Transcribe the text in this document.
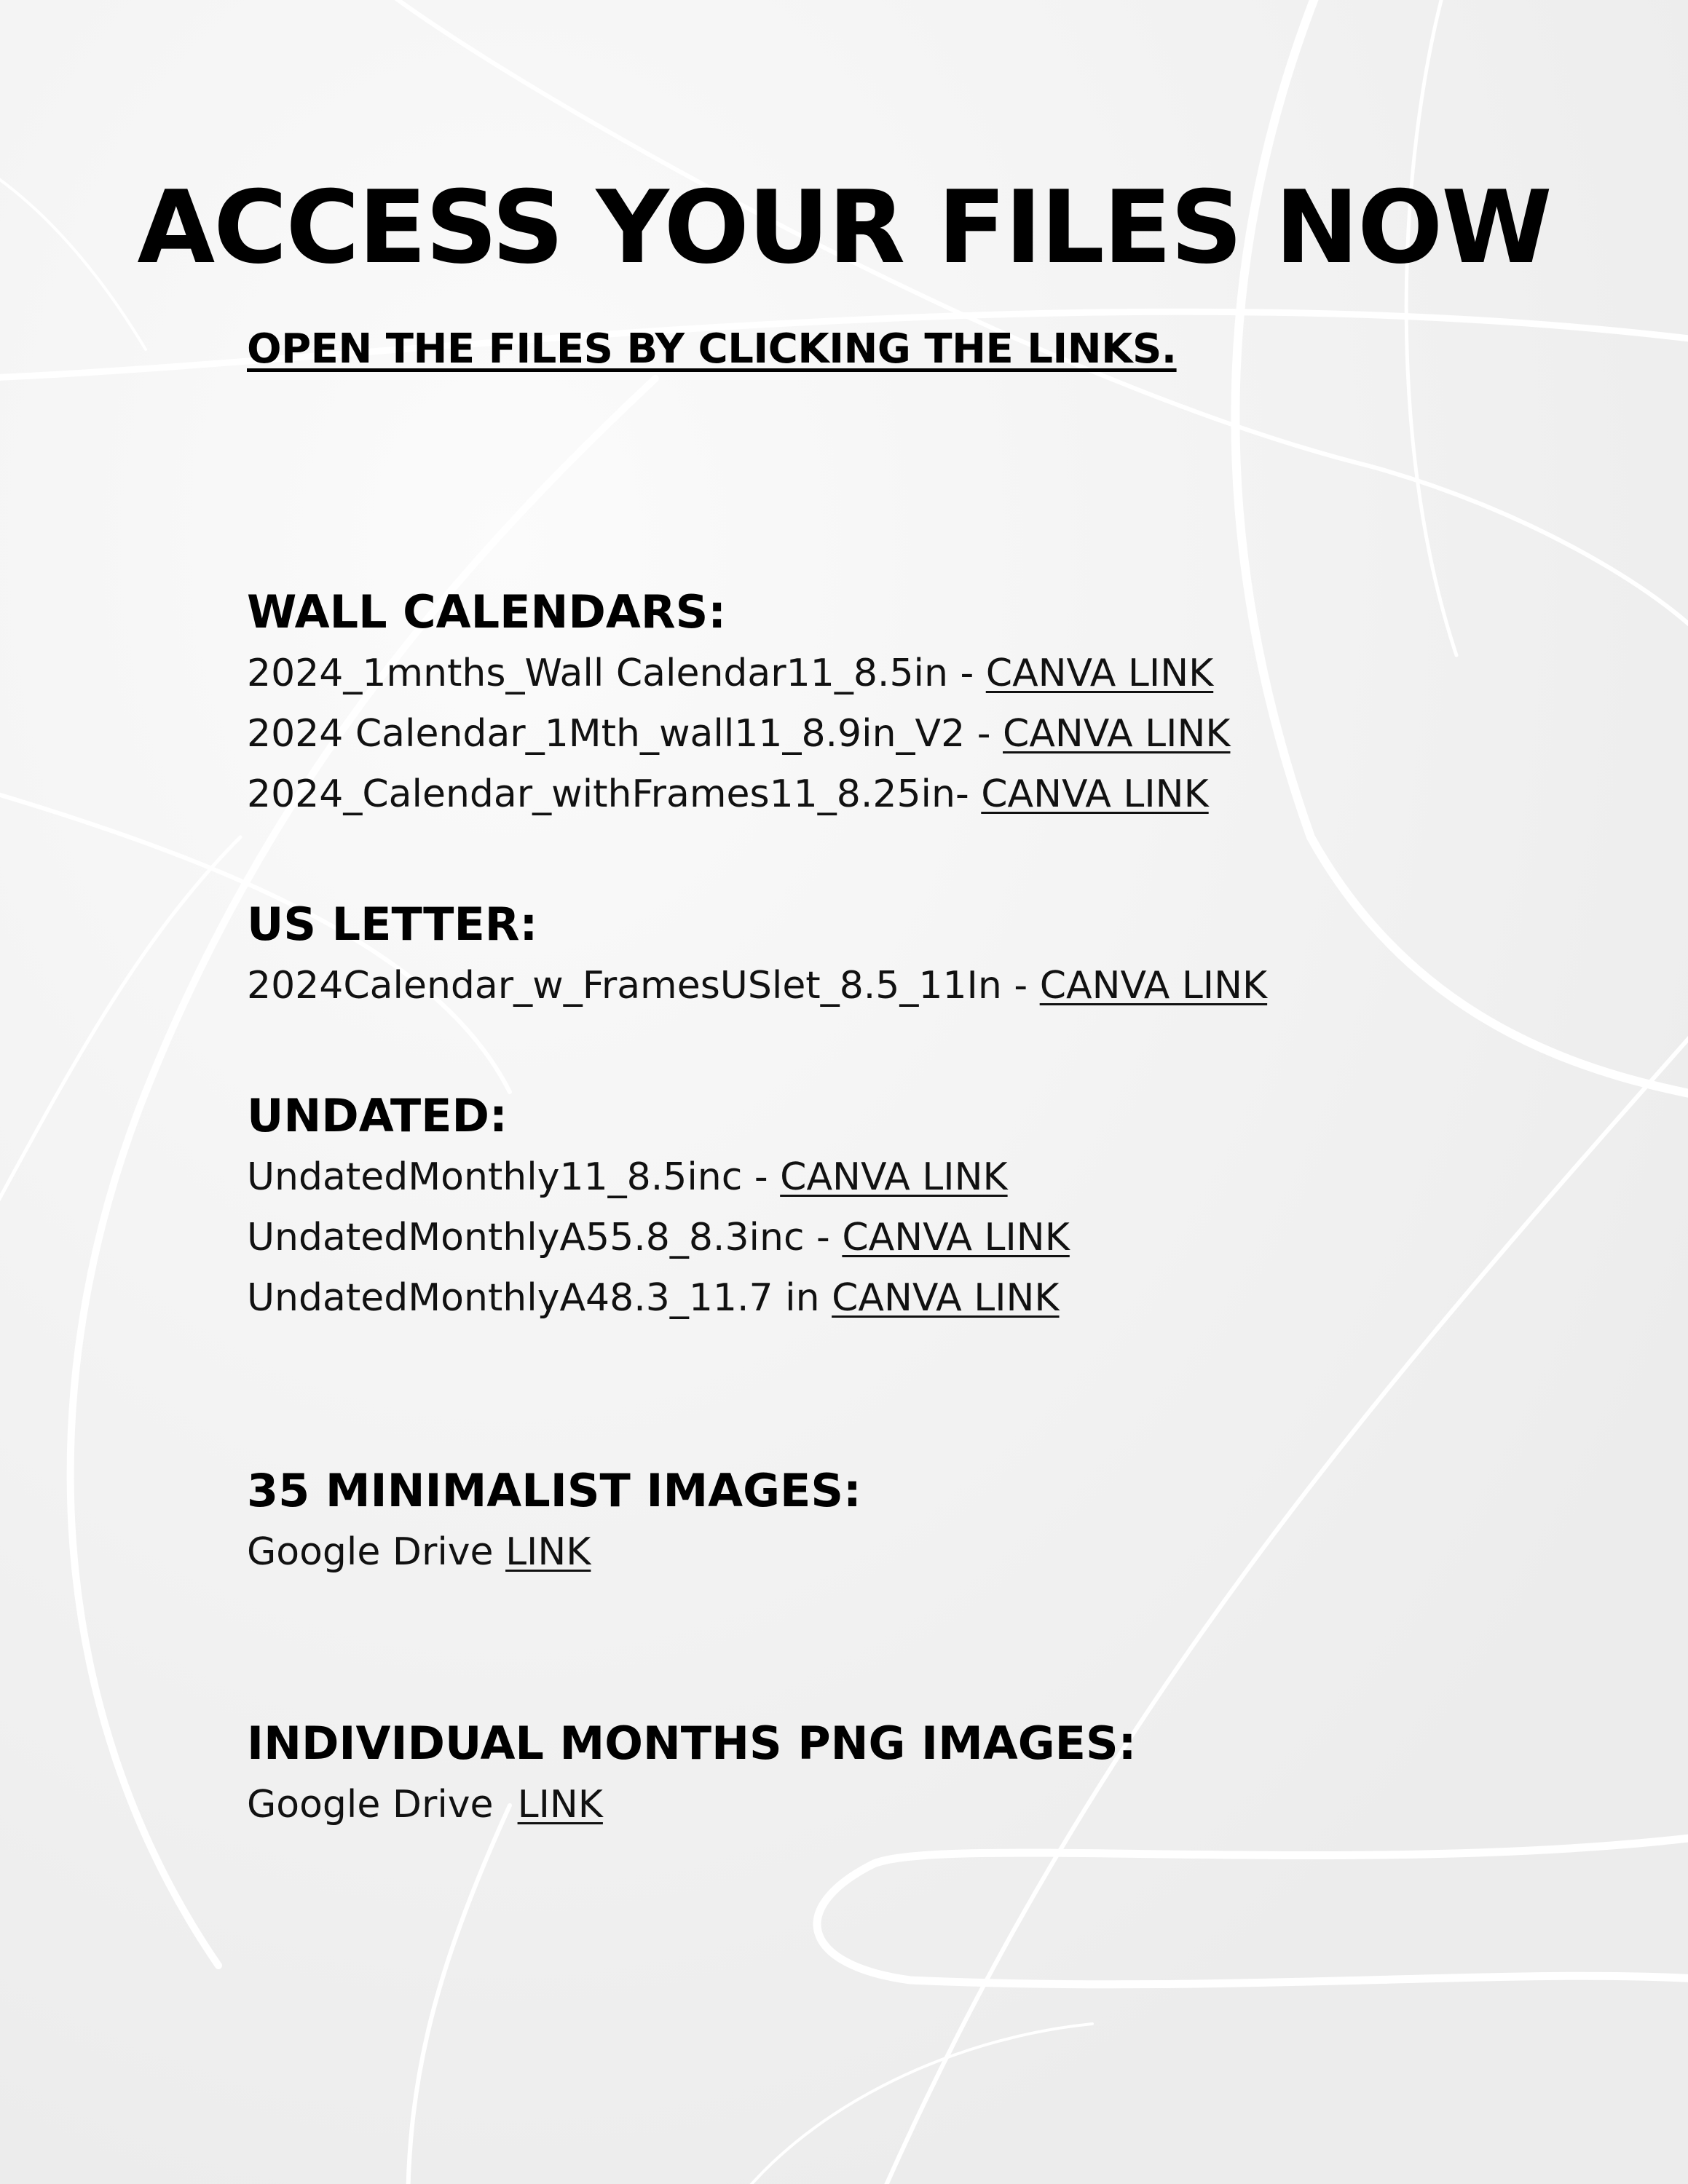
ACCESS YOUR FILES NOW
OPEN THE FILES BY CLICKING THE LINKS.
WALL CALENDARS:
2024_1mnths_Wall Calendar11_8.5in - CANVA LINK
2024 Calendar_1Mth_wall11_8.9in_V2 - CANVA LINK
2024_Calendar_withFrames11_8.25in- CANVA LINK
US LETTER:
2024Calendar_w_FramesUSlet_8.5_11In - CANVA LINK
UNDATED:
UndatedMonthly11_8.5inc - CANVA LINK
UndatedMonthlyA55.8_8.3inc - CANVA LINK
UndatedMonthlyA48.3_11.7 in CANVA LINK
35 MINIMALIST IMAGES:
Google Drive LINK
INDIVIDUAL MONTHS PNG IMAGES:
Google Drive  LINK
